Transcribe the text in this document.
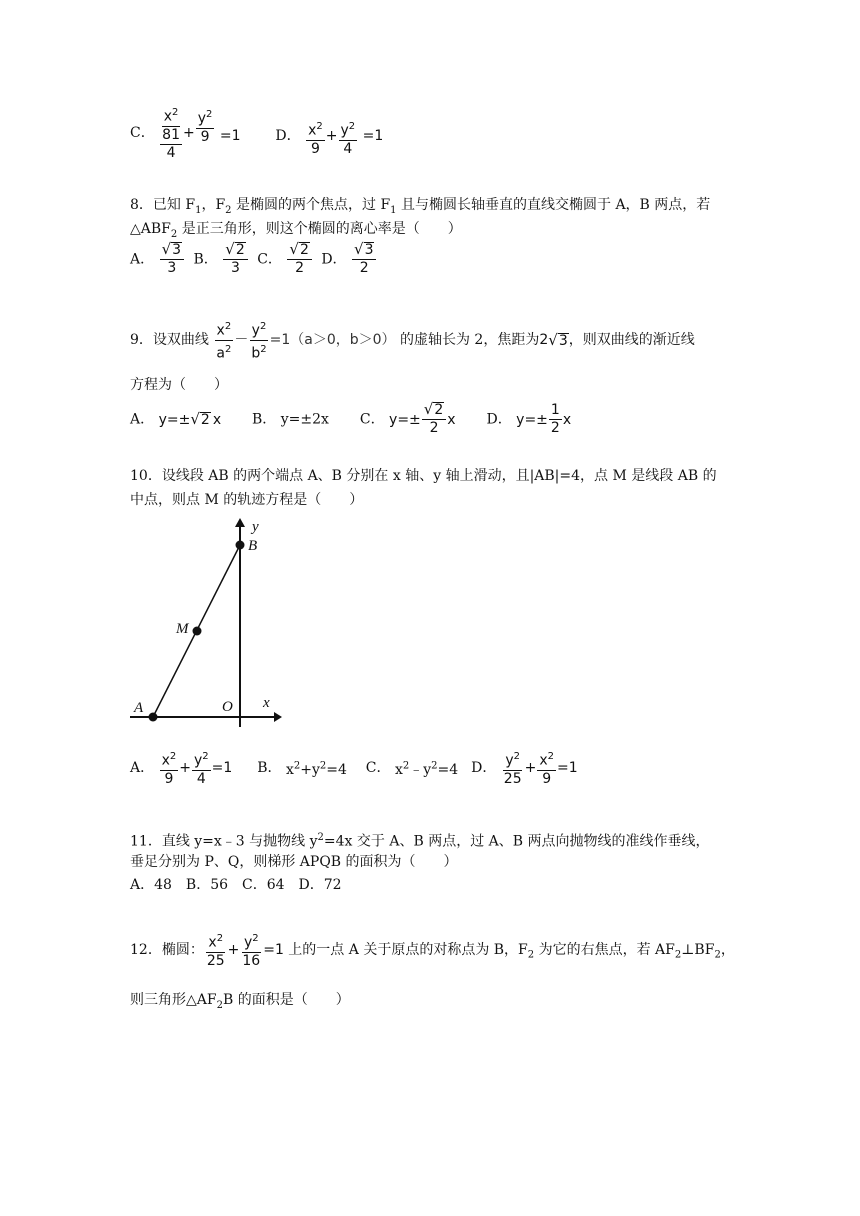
C．
$x^2$
81
4
+ $\frac{y^2}{9} =1$ D． $\frac{x^2}{9} + \frac{y^2}{4} =1$
8．已知 $F_1$，$F_2$ 是椭圆的两个焦点，过 $F_1$ 且与椭圆长轴垂直的直线交椭圆于 A，B 两点，若
$\triangle ABF_2$ 是正三角形，则这个椭圆的离心率是（　　）
A． $\frac{√ 3}{3}$ B． $\frac{√ 2}{3}$ C． $\frac{√ 2}{2}$ D． $\frac{√ 3}{2}$
9．设双曲线 $\frac{x^2}{a^2} - \frac{y^2}{b^2} =1(a>0$，b＞0） 的虚轴长为 2，焦距为2 √ 3 ，则双曲线的渐近线
方程为（　　）
A． y=± √ 2 x B． y=±2x C． $y=\pm \frac{√ 2}{2}$ x D． $y=\pm \frac{1}{2}$ x
10．设线段 AB 的两个端点 A、B 分别在 x 轴、y 轴上滑动，且|AB|=4，点 M 是线段 AB 的
中点，则点 M 的轨迹方程是（　　）
y
B
M
A	O x
A． $\frac{x^2}{9} + \frac{y^2}{4} =1$ B． $x^2+y^2=4$ C． $x^2﹣y^2=4$ D． $\frac{y^2}{25} + \frac{x^2}{9} =1$
11．直线 y=x﹣3 与抛物线 $y^2=4x$ 交于 A、B 两点，过 A、B 两点向抛物线的准线作垂线，
垂足分别为 P、Q，则梯形 APQB 的面积为（　　）
A．48　B．56　C．64　D．72
12．椭圆： $\frac{x^2}{25} + \frac{y^2}{16} =1$ 上的一点 A 关于原点的对称点为 B，$F_2$ 为它的右焦点，若 $AF_2\perp BF_2$，
则三角形$\triangle AF_2B$ 的面积是（　　）
